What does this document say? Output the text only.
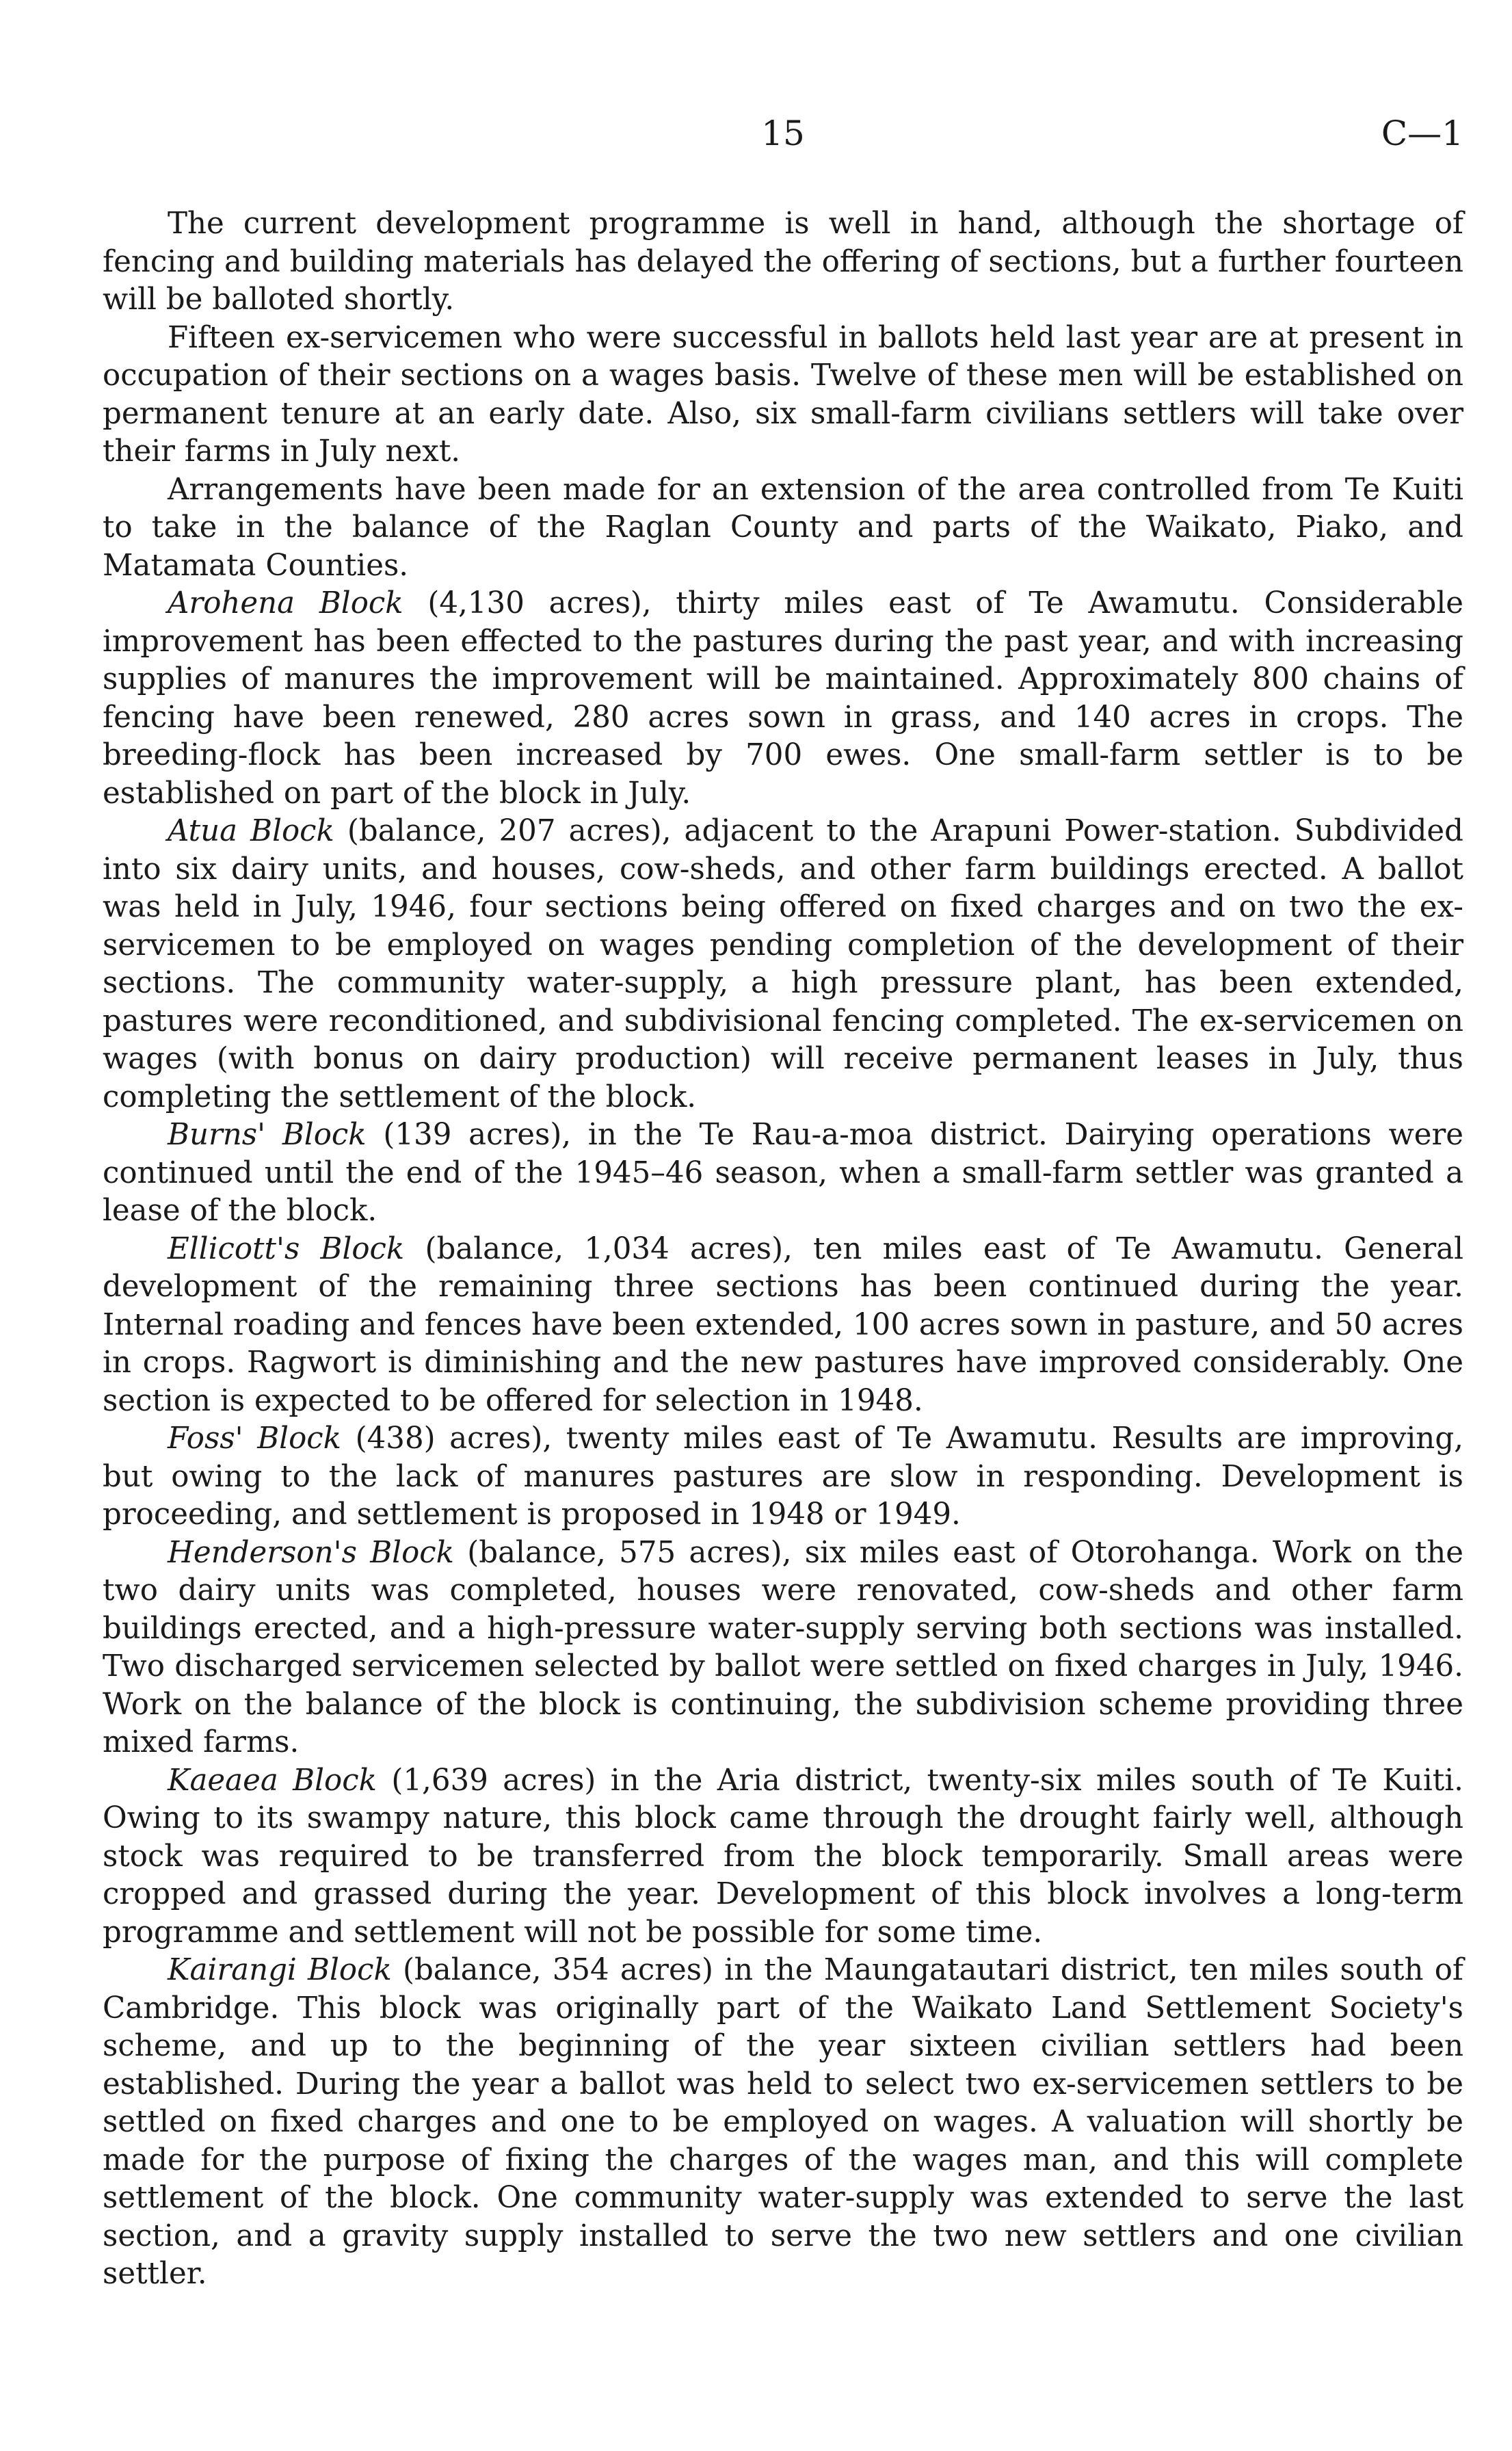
15	C—1

The current development programme is well in hand, although the shortage of fencing and building materials has delayed the offering of sections, but a further fourteen will be balloted shortly.

Fifteen ex-servicemen who were successful in ballots held last year are at present in occupation of their sections on a wages basis. Twelve of these men will be established on permanent tenure at an early date. Also, six small-farm civilians settlers will take over their farms in July next.

Arrangements have been made for an extension of the area controlled from Te Kuiti to take in the balance of the Raglan County and parts of the Waikato, Piako, and Matamata Counties.

Arohena Block (4,130 acres), thirty miles east of Te Awamutu. Considerable improvement has been effected to the pastures during the past year, and with increasing supplies of manures the improvement will be maintained. Approximately 800 chains of fencing have been renewed, 280 acres sown in grass, and 140 acres in crops. The breeding-flock has been increased by 700 ewes. One small-farm settler is to be established on part of the block in July.

Atua Block (balance, 207 acres), adjacent to the Arapuni Power-station. Subdivided into six dairy units, and houses, cow-sheds, and other farm buildings erected. A ballot was held in July, 1946, four sections being offered on fixed charges and on two the ex-servicemen to be employed on wages pending completion of the development of their sections. The community water-supply, a high pressure plant, has been extended, pastures were reconditioned, and subdivisional fencing completed. The ex-servicemen on wages (with bonus on dairy production) will receive permanent leases in July, thus completing the settlement of the block.

Burns' Block (139 acres), in the Te Rau-a-moa district. Dairying operations were continued until the end of the 1945–46 season, when a small-farm settler was granted a lease of the block.

Ellicott's Block (balance, 1,034 acres), ten miles east of Te Awamutu. General development of the remaining three sections has been continued during the year. Internal roading and fences have been extended, 100 acres sown in pasture, and 50 acres in crops. Ragwort is diminishing and the new pastures have improved considerably. One section is expected to be offered for selection in 1948.

Foss' Block (438) acres), twenty miles east of Te Awamutu. Results are improving, but owing to the lack of manures pastures are slow in responding. Development is proceeding, and settlement is proposed in 1948 or 1949.

Henderson's Block (balance, 575 acres), six miles east of Otorohanga. Work on the two dairy units was completed, houses were renovated, cow-sheds and other farm buildings erected, and a high-pressure water-supply serving both sections was installed. Two discharged servicemen selected by ballot were settled on fixed charges in July, 1946. Work on the balance of the block is continuing, the subdivision scheme providing three mixed farms.

Kaeaea Block (1,639 acres) in the Aria district, twenty-six miles south of Te Kuiti. Owing to its swampy nature, this block came through the drought fairly well, although stock was required to be transferred from the block temporarily. Small areas were cropped and grassed during the year. Development of this block involves a long-term programme and settlement will not be possible for some time.

Kairangi Block (balance, 354 acres) in the Maungatautari district, ten miles south of Cambridge. This block was originally part of the Waikato Land Settlement Society's scheme, and up to the beginning of the year sixteen civilian settlers had been established. During the year a ballot was held to select two ex-servicemen settlers to be settled on fixed charges and one to be employed on wages. A valuation will shortly be made for the purpose of fixing the charges of the wages man, and this will complete settlement of the block. One community water-supply was extended to serve the last section, and a gravity supply installed to serve the two new settlers and one civilian settler.
